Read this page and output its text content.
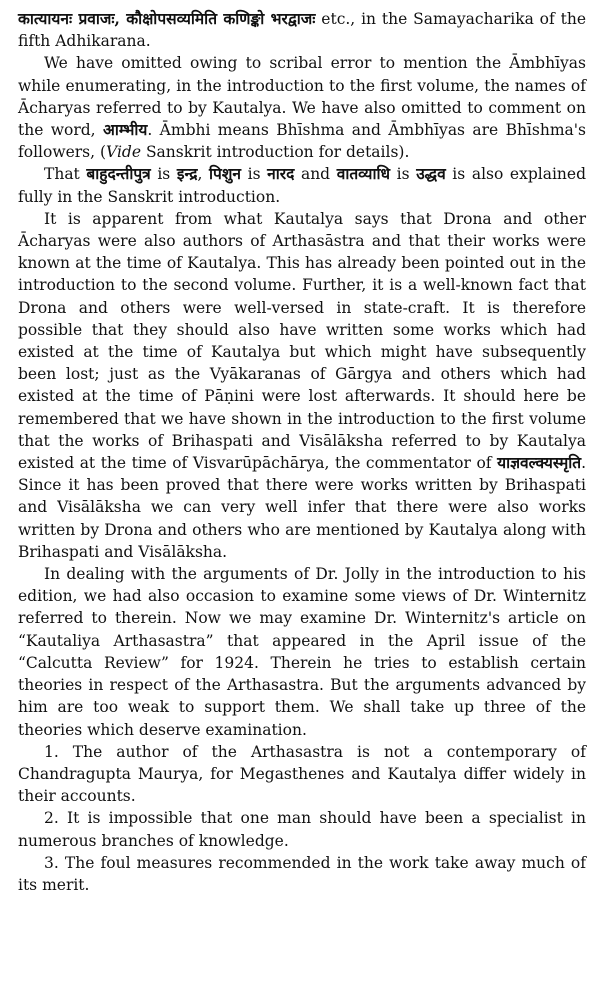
कात्यायनः प्रवाजः, कौक्षोपसव्यमिति कणिङ्को भरद्वाजः etc., in the Samayacharika of the fifth Adhikarana.

We have omitted owing to scribal error to mention the Āmbhīyas while enumerating, in the introduction to the first volume, the names of Ācharyas referred to by Kautalya. We have also omitted to comment on the word, आम्भीय. Āmbhi means Bhīshma and Āmbhīyas are Bhīshma's followers, (Vide Sanskrit introduction for details).

That बाहुदन्तीपुत्र is इन्द्र, पिशुन is नारद and वातव्याधि is उद्धव is also explained fully in the Sanskrit introduction.

It is apparent from what Kautalya says that Drona and other Ācharyas were also authors of Arthasāstra and that their works were known at the time of Kautalya. This has already been pointed out in the introduction to the second volume. Further, it is a well-known fact that Drona and others were well-versed in state-craft. It is therefore possible that they should also have written some works which had existed at the time of Kautalya but which might have subsequently been lost; just as the Vyākaranas of Gārgya and others which had existed at the time of Pāṇini were lost afterwards. It should here be remembered that we have shown in the introduction to the first volume that the works of Brihaspati and Visālāksha referred to by Kautalya existed at the time of Visvarūpāchārya, the commentator of याज्ञवल्क्यस्मृति. Since it has been proved that there were works written by Brihaspati and Visālāksha we can very well infer that there were also works written by Drona and others who are mentioned by Kautalya along with Brihaspati and Visālāksha.

In dealing with the arguments of Dr. Jolly in the introduction to his edition, we had also occasion to examine some views of Dr. Winternitz referred to therein. Now we may examine Dr. Winternitz's article on “Kautaliya Arthasastra” that appeared in the April issue of the “Calcutta Review” for 1924. Therein he tries to establish certain theories in respect of the Arthasastra. But the arguments advanced by him are too weak to support them. We shall take up three of the theories which deserve examination.

1. The author of the Arthasastra is not a contemporary of Chandragupta Maurya, for Megasthenes and Kautalya differ widely in their accounts.

2. It is impossible that one man should have been a specialist in numerous branches of knowledge.

3. The foul measures recommended in the work take away much of its merit.
